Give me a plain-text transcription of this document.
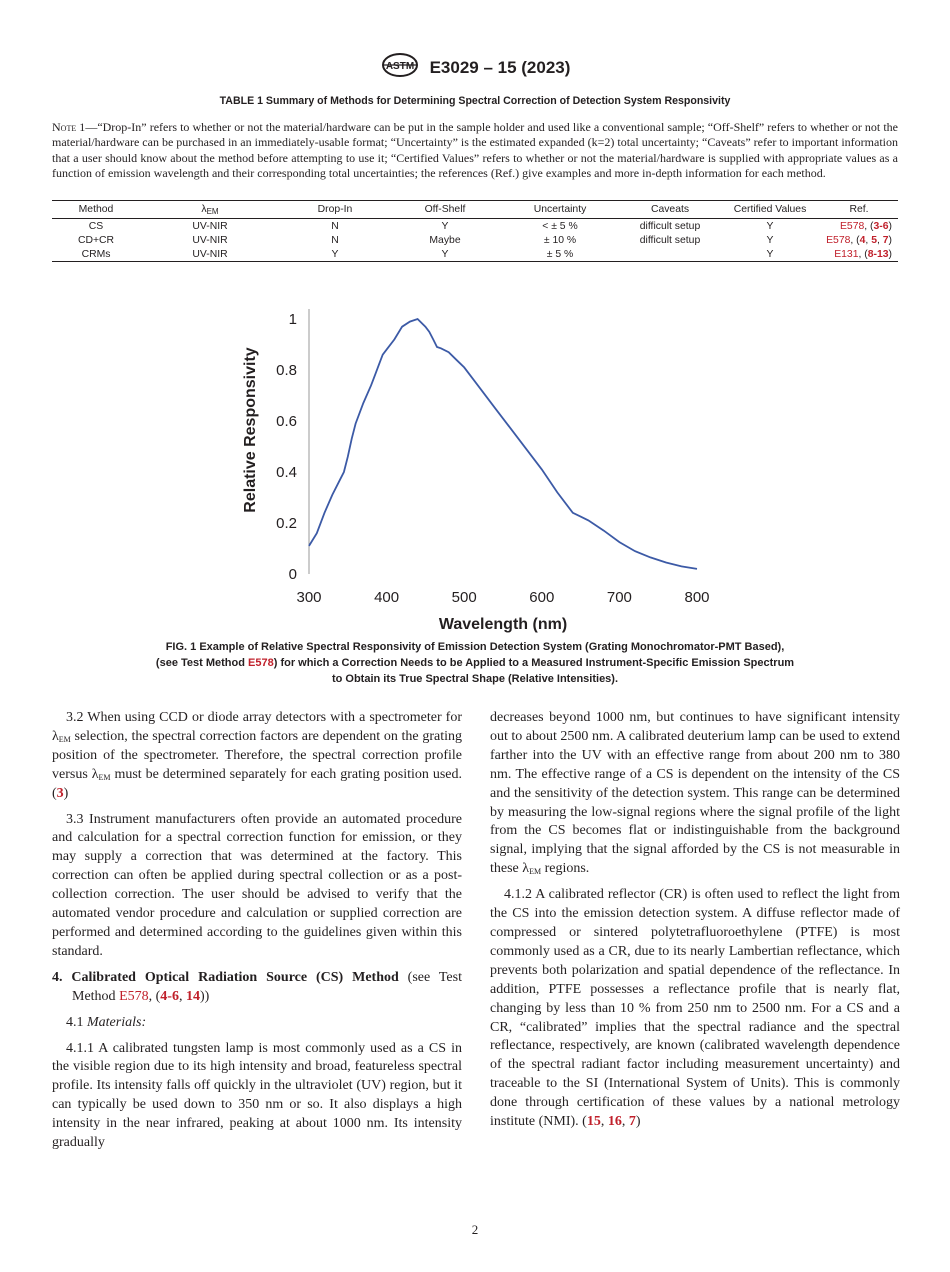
ASTM E3029 – 15 (2023)
TABLE 1 Summary of Methods for Determining Spectral Correction of Detection System Responsivity
Note 1—“Drop-In” refers to whether or not the material/hardware can be put in the sample holder and used like a conventional sample; “Off-Shelf” refers to whether or not the material/hardware can be purchased in an immediately-usable format; “Uncertainty” is the estimated expanded (k=2) total uncertainty; “Caveats” refer to important information that a user should know about the method before attempting to use it; “Certified Values” refers to whether or not the material/hardware is supplied with appropriate values as a function of emission wavelength and their corresponding total uncertainties; the references (Ref.) give examples and more in-depth information for each method.
Method	$\lambda_{EM}$	Drop-In	Off-Shelf	Uncertainty	Caveats	Certified Values	Ref.
CS	UV-NIR	N	Y	< ± 5 %	difficult setup	Y	E578, (3-6)
CD+CR	UV-NIR	N	Maybe	± 10 %	difficult setup	Y	E578, (4, 5, 7)
CRMs	UV-NIR	Y	Y	± 5 %		Y	E131, (8-13)
0
0.2
0.4
0.6
0.8
1
300	400	500	600	700	800
Relative Responsivity
Wavelength (nm)
FIG. 1 Example of Relative Spectral Responsivity of Emission Detection System (Grating Monochromator-PMT Based),
(see Test Method E578) for which a Correction Needs to be Applied to a Measured Instrument-Specific Emission Spectrum
to Obtain its True Spectral Shape (Relative Intensities).

3.2 When using CCD or diode array detectors with a spectrometer for $\lambda_{EM}$ selection, the spectral correction factors are dependent on the grating position of the spectrometer. Therefore, the spectral correction profile versus $\lambda_{EM}$ must be determined separately for each grating position used. (3)

3.3 Instrument manufacturers often provide an automated procedure and calculation for a spectral correction function for emission, or they may supply a correction that was determined at the factory. This correction can often be applied during spectral collection or as a post-collection correction. The user should be advised to verify that the automated vendor procedure and calculation or supplied correction are performed and determined according to the guidelines given within this standard.

4. Calibrated Optical Radiation Source (CS) Method (see Test Method E578, (4-6, 14))

4.1 Materials:

4.1.1 A calibrated tungsten lamp is most commonly used as a CS in the visible region due to its high intensity and broad, featureless spectral profile. Its intensity falls off quickly in the ultraviolet (UV) region, but it can typically be used down to 350 nm or so. It also displays a high intensity in the near infrared, peaking at about 1000 nm. Its intensity gradually

decreases beyond 1000 nm, but continues to have significant intensity out to about 2500 nm. A calibrated deuterium lamp can be used to extend farther into the UV with an effective range from about 200 nm to 380 nm. The effective range of a CS is dependent on the intensity of the CS and the sensitivity of the detection system. This range can be determined by measuring the low-signal regions where the signal profile of the light from the CS becomes flat or indistinguishable from the background signal, implying that the signal afforded by the CS is not measurable in these $\lambda_{EM}$ regions.

4.1.2 A calibrated reflector (CR) is often used to reflect the light from the CS into the emission detection system. A diffuse reflector made of compressed or sintered polytetrafluoroethylene (PTFE) is most commonly used as a CR, due to its nearly Lambertian reflectance, which prevents both polarization and spatial dependence of the reflectance. In addition, PTFE possesses a reflectance profile that is nearly flat, changing by less than 10 % from 250 nm to 2500 nm. For a CS and a CR, “calibrated” implies that the spectral radiance and the spectral reflectance, respectively, are known (calibrated wavelength dependence of the spectral radiant factor including measurement uncertainty) and traceable to the SI (International System of Units). This is commonly done through certification of these values by a national metrology institute (NMI). (15, 16, 7)

2
